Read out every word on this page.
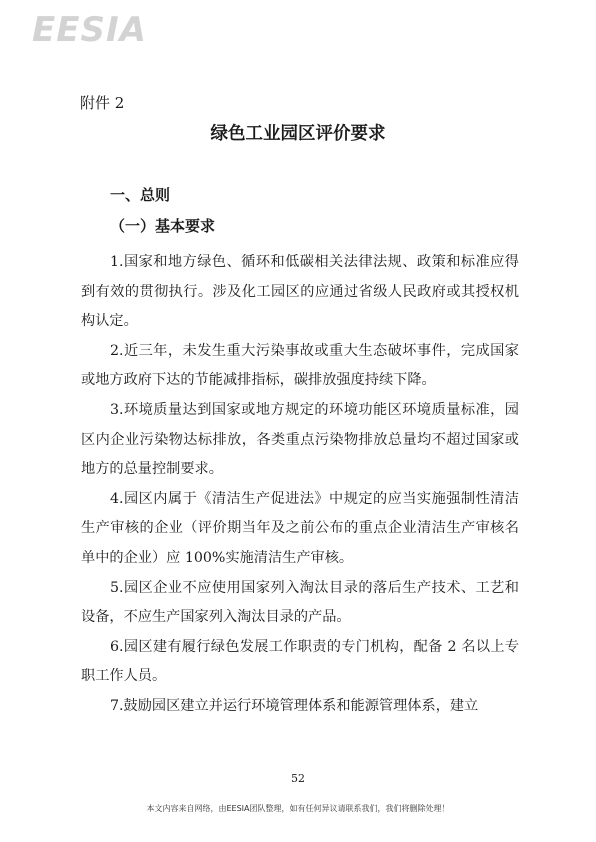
EESIA

附件 2

绿色工业园区评价要求
一、总则
（一）基本要求

1.国家和地方绿色、循环和低碳相关法律法规、政策和标准应得到有效的贯彻执行。涉及化工园区的应通过省级人民政府或其授权机构认定。

2.近三年，未发生重大污染事故或重大生态破坏事件，完成国家或地方政府下达的节能减排指标，碳排放强度持续下降。

3.环境质量达到国家或地方规定的环境功能区环境质量标准，园区内企业污染物达标排放，各类重点污染物排放总量均不超过国家或地方的总量控制要求。

4.园区内属于《清洁生产促进法》中规定的应当实施强制性清洁生产审核的企业（评价期当年及之前公布的重点企业清洁生产审核名单中的企业）应 100%实施清洁生产审核。

5.园区企业不应使用国家列入淘汰目录的落后生产技术、工艺和设备，不应生产国家列入淘汰目录的产品。

6.园区建有履行绿色发展工作职责的专门机构，配备 2 名以上专职工作人员。

7.鼓励园区建立并运行环境管理体系和能源管理体系，建立

52

本文内容来自网络，由EESIA团队整理，如有任何异议请联系我们，我们将删除处理！
